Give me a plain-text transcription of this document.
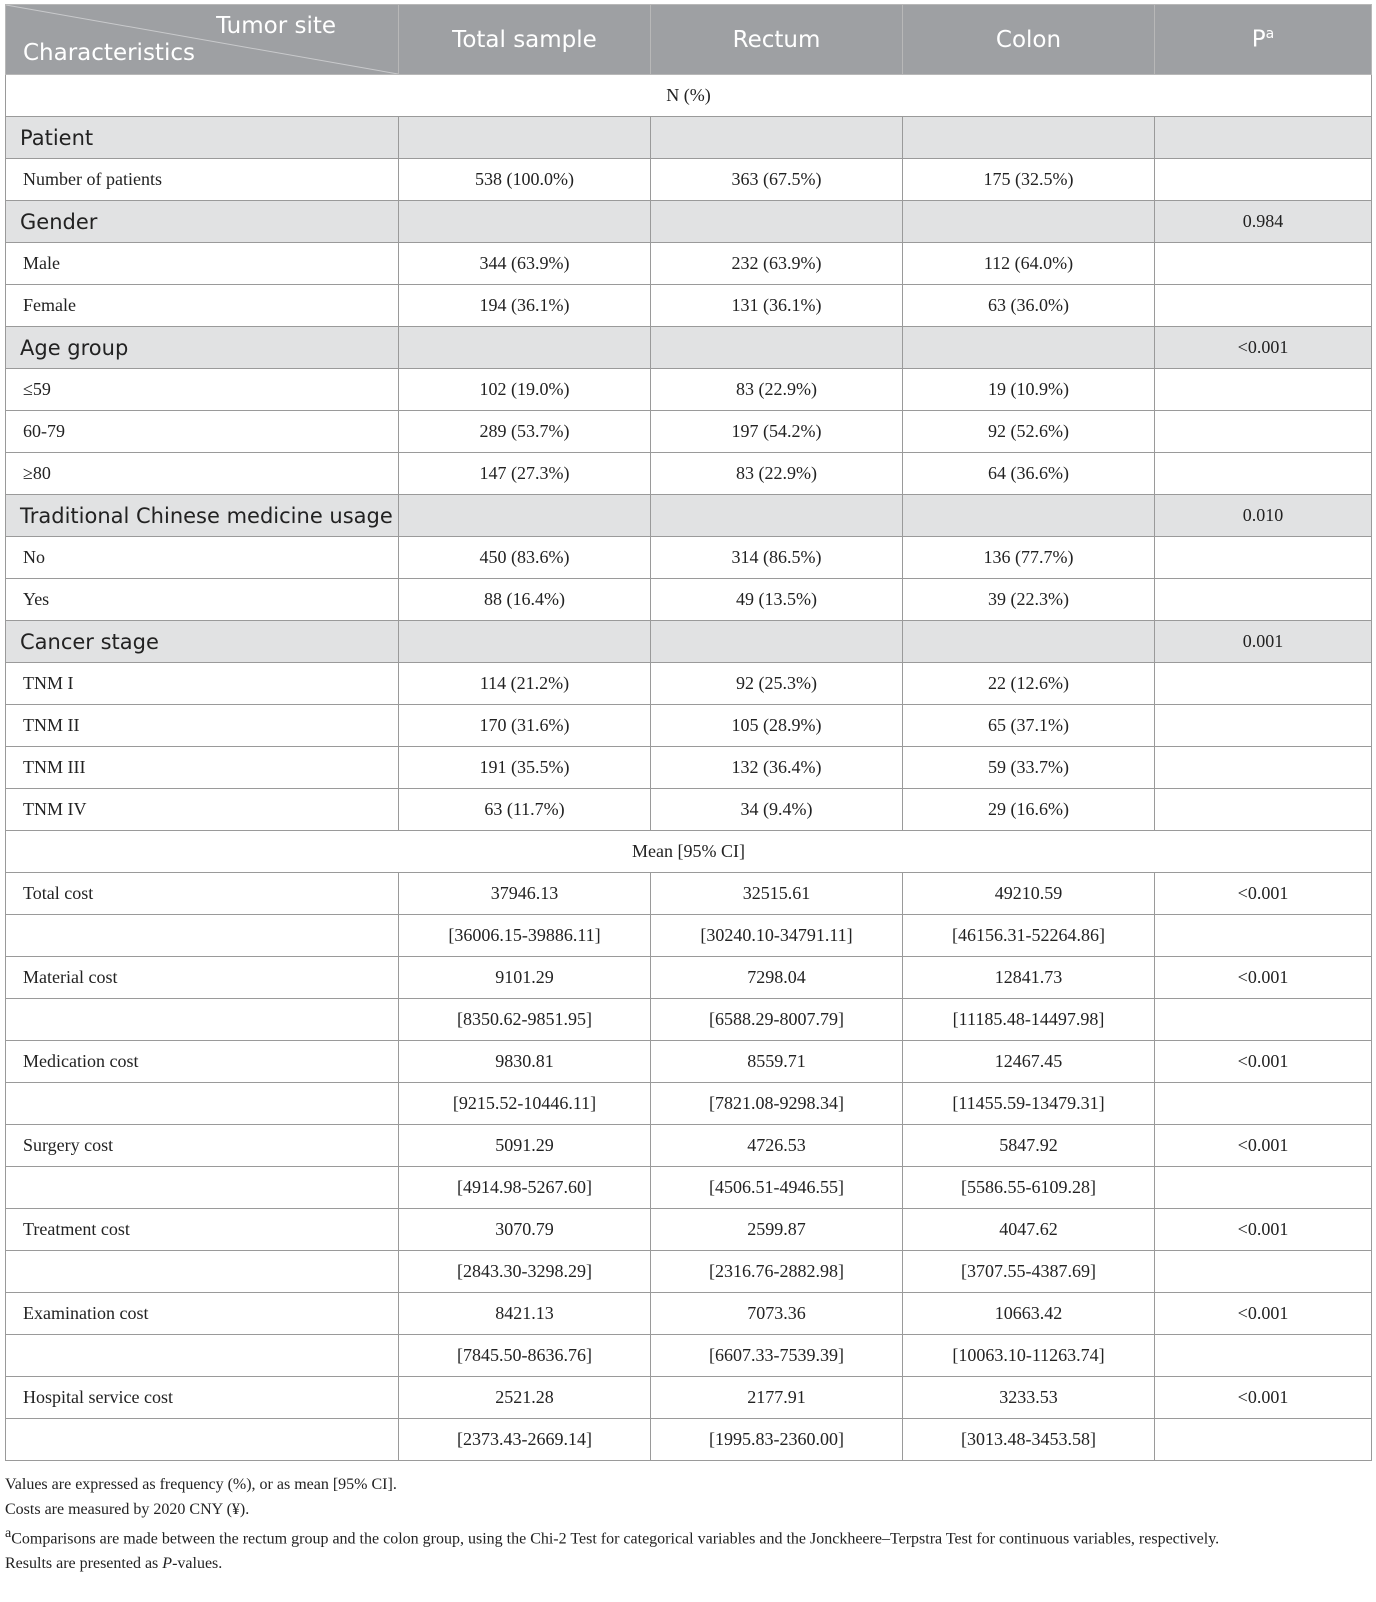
Tumor site
Characteristics	Total sample	Rectum	Colon	$P^a$
N (%)				
Patient				
Number of patients	538 (100.0%)	363 (67.5%)	175 (32.5%)	
Gender				0.984
Male	344 (63.9%)	232 (63.9%)	112 (64.0%)	
Female	194 (36.1%)	131 (36.1%)	63 (36.0%)	
Age group				<0.001
≤59	102 (19.0%)	83 (22.9%)	19 (10.9%)	
60-79	289 (53.7%)	197 (54.2%)	92 (52.6%)	
≥80	147 (27.3%)	83 (22.9%)	64 (36.6%)	
Traditional Chinese medicine usage				0.010
No	450 (83.6%)	314 (86.5%)	136 (77.7%)	
Yes	88 (16.4%)	49 (13.5%)	39 (22.3%)	
Cancer stage				0.001
TNM I	114 (21.2%)	92 (25.3%)	22 (12.6%)	
TNM II	170 (31.6%)	105 (28.9%)	65 (37.1%)	
TNM III	191 (35.5%)	132 (36.4%)	59 (33.7%)	
TNM IV	63 (11.7%)	34 (9.4%)	29 (16.6%)	
Mean [95% CI]				
Total cost	37946.13	32515.61	49210.59	<0.001
	[36006.15-39886.11]	[30240.10-34791.11]	[46156.31-52264.86]	
Material cost	9101.29	7298.04	12841.73	<0.001
	[8350.62-9851.95]	[6588.29-8007.79]	[11185.48-14497.98]	
Medication cost	9830.81	8559.71	12467.45	<0.001
	[9215.52-10446.11]	[7821.08-9298.34]	[11455.59-13479.31]	
Surgery cost	5091.29	4726.53	5847.92	<0.001
	[4914.98-5267.60]	[4506.51-4946.55]	[5586.55-6109.28]	
Treatment cost	3070.79	2599.87	4047.62	<0.001
	[2843.30-3298.29]	[2316.76-2882.98]	[3707.55-4387.69]	
Examination cost	8421.13	7073.36	10663.42	<0.001
	[7845.50-8636.76]	[6607.33-7539.39]	[10063.10-11263.74]	
Hospital service cost	2521.28	2177.91	3233.53	<0.001
	[2373.43-2669.14]	[1995.83-2360.00]	[3013.48-3453.58]	

Values are expressed as frequency (%), or as mean [95% CI].

Costs are measured by 2020 CNY (¥).

$^a$Comparisons are made between the rectum group and the colon group, using the Chi-2 Test for categorical variables and the Jonckheere–Terpstra Test for continuous variables, respectively.

Results are presented as P-values.
